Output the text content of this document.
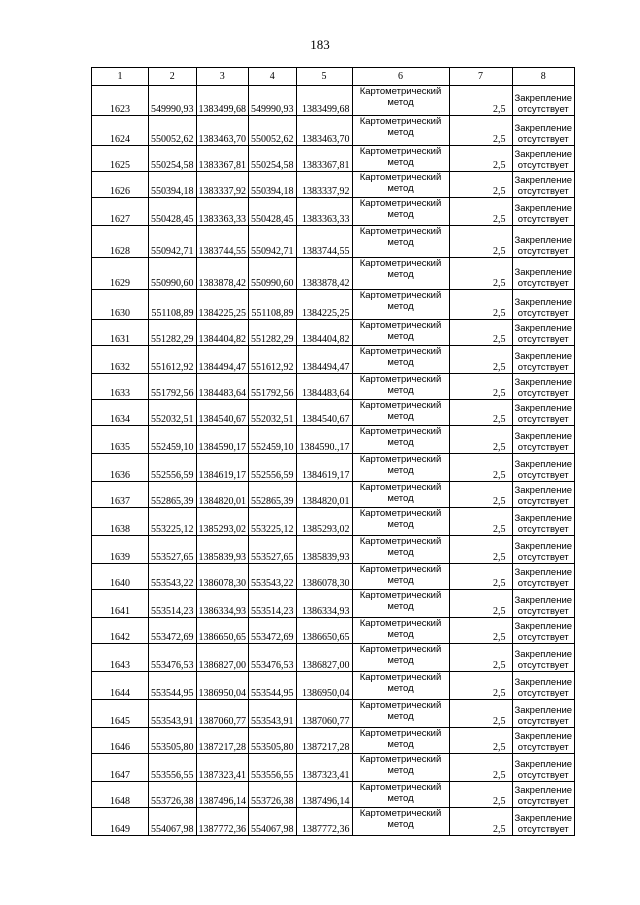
183
1	2	3	4	5	6	7	8
1623	549990,93	1383499,68	549990,93	1383499,68	Картометрический
метод	2,5	Закрепление
отсутствует

1624	550052,62	1383463,70	550052,62	1383463,70	Картометрический
метод	2,5	Закрепление
отсутствует

1625	550254,58	1383367,81	550254,58	1383367,81	Картометрический
метод	2,5	Закрепление
отсутствует

1626	550394,18	1383337,92	550394,18	1383337,92	Картометрический
метод	2,5	Закрепление
отсутствует

1627	550428,45	1383363,33	550428,45	1383363,33	Картометрический
метод	2,5	Закрепление
отсутствует

1628	550942,71	1383744,55	550942,71	1383744,55	Картометрический
метод	2,5	Закрепление
отсутствует

1629	550990,60	1383878,42	550990,60	1383878,42	Картометрический
метод	2,5	Закрепление
отсутствует

1630	551108,89	1384225,25	551108,89	1384225,25	Картометрический
метод	2,5	Закрепление
отсутствует

1631	551282,29	1384404,82	551282,29	1384404,82	Картометрический
метод	2,5	Закрепление
отсутствует

1632	551612,92	1384494,47	551612,92	1384494,47	Картометрический
метод	2,5	Закрепление
отсутствует

1633	551792,56	1384483,64	551792,56	1384483,64	Картометрический
метод	2,5	Закрепление
отсутствует

1634	552032,51	1384540,67	552032,51	1384540,67	Картометрический
метод	2,5	Закрепление
отсутствует

1635	552459,10	1384590,17	552459,10	1384590.,17	Картометрический
метод	2,5	Закрепление
отсутствует

1636	552556,59	1384619,17	552556,59	1384619,17	Картометрический
метод	2,5	Закрепление
отсутствует

1637	552865,39	1384820,01	552865,39	1384820,01	Картометрический
метод	2,5	Закрепление
отсутствует

1638	553225,12	1385293,02	553225,12	1385293,02	Картометрический
метод	2,5	Закрепление
отсутствует

1639	553527,65	1385839,93	553527,65	1385839,93	Картометрический
метод	2,5	Закрепление
отсутствует

1640	553543,22	1386078,30	553543,22	1386078,30	Картометрический
метод	2,5	Закрепление
отсутствует

1641	553514,23	1386334,93	553514,23	1386334,93	Картометрический
метод	2,5	Закрепление
отсутствует

1642	553472,69	1386650,65	553472,69	1386650,65	Картометрический
метод	2,5	Закрепление
отсутствует

1643	553476,53	1386827,00	553476,53	1386827,00	Картометрический
метод	2,5	Закрепление
отсутствует

1644	553544,95	1386950,04	553544,95	1386950,04	Картометрический
метод	2,5	Закрепление
отсутствует

1645	553543,91	1387060,77	553543,91	1387060,77	Картометрический
метод	2,5	Закрепление
отсутствует

1646	553505,80	1387217,28	553505,80	1387217,28	Картометрический
метод	2,5	Закрепление
отсутствует

1647	553556,55	1387323,41	553556,55	1387323,41	Картометрический
метод	2,5	Закрепление
отсутствует

1648	553726,38	1387496,14	553726,38	1387496,14	Картометрический
метод	2,5	Закрепление
отсутствует

1649	554067,98	1387772,36	554067,98	1387772,36	Картометрический
метод	2,5	Закрепление
отсутствует
